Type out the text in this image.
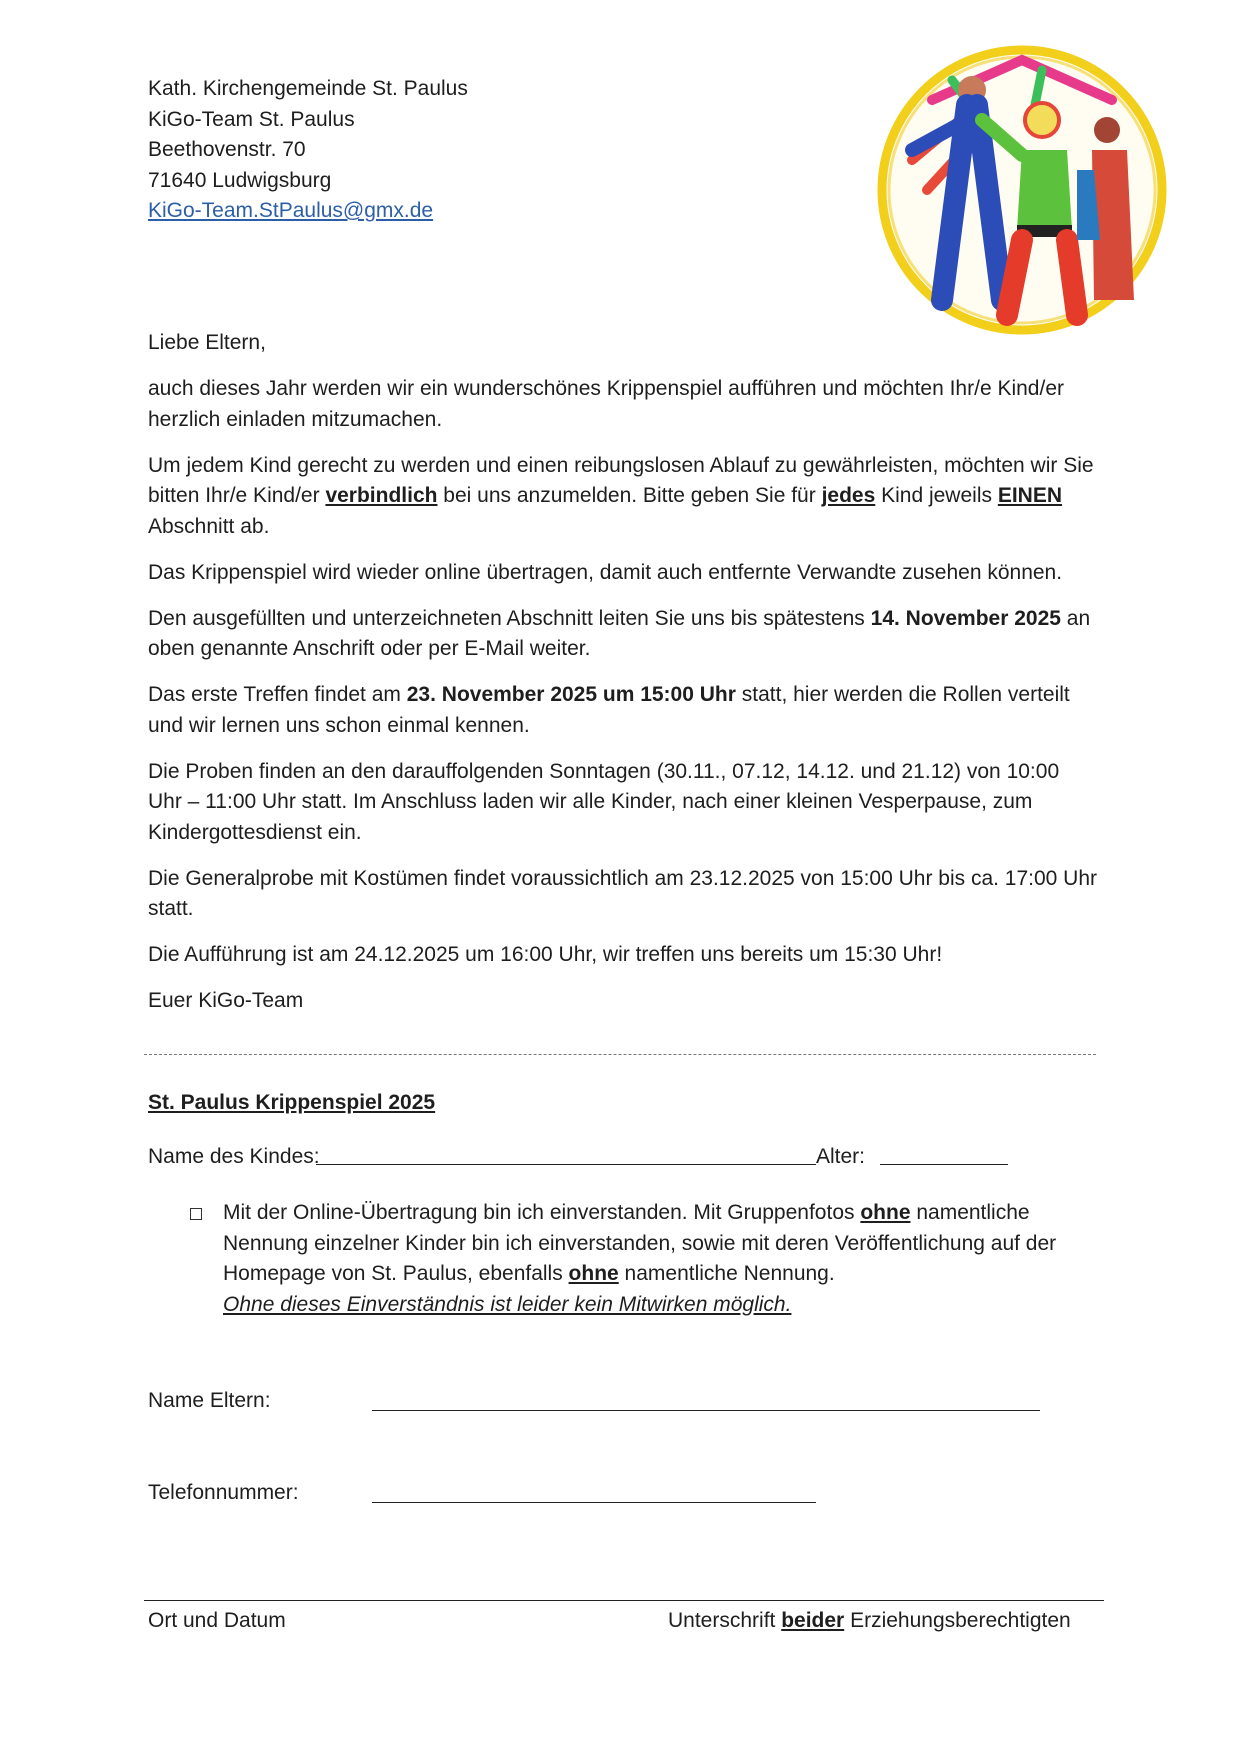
Kath. Kirchengemeinde St. Paulus
KiGo-Team St. Paulus
Beethovenstr. 70
71640 Ludwigsburg
KiGo-Team.StPaulus@gmx.de

Liebe Eltern,

auch dieses Jahr werden wir ein wunderschönes Krippenspiel aufführen und möchten Ihr/e Kind/er herzlich einladen mitzumachen.

Um jedem Kind gerecht zu werden und einen reibungslosen Ablauf zu gewährleisten, möchten wir Sie bitten Ihr/e Kind/er verbindlich bei uns anzumelden. Bitte geben Sie für jedes Kind jeweils EINEN Abschnitt ab.

Das Krippenspiel wird wieder online übertragen, damit auch entfernte Verwandte zusehen können.

Den ausgefüllten und unterzeichneten Abschnitt leiten Sie uns bis spätestens 14. November 2025 an oben genannte Anschrift oder per E-Mail weiter.

Das erste Treffen findet am 23. November 2025 um 15:00 Uhr statt, hier werden die Rollen verteilt und wir lernen uns schon einmal kennen.

Die Proben finden an den darauffolgenden Sonntagen (30.11., 07.12, 14.12. und 21.12) von 10:00 Uhr – 11:00 Uhr statt. Im Anschluss laden wir alle Kinder, nach einer kleinen Vesperpause, zum Kindergottesdienst ein.

Die Generalprobe mit Kostümen findet voraussichtlich am 23.12.2025 von 15:00 Uhr bis ca. 17:00 Uhr statt.

Die Aufführung ist am 24.12.2025 um 16:00 Uhr, wir treffen uns bereits um 15:30 Uhr!

Euer KiGo-Team

St. Paulus Krippenspiel 2025
Name des Kindes:	Alter:
Mit der Online-Übertragung bin ich einverstanden. Mit Gruppenfotos ohne namentliche Nennung einzelner Kinder bin ich einverstanden, sowie mit deren Veröffentlichung auf der Homepage von St. Paulus, ebenfalls ohne namentliche Nennung.
Ohne dieses Einverständnis ist leider kein Mitwirken möglich.
Name Eltern:
Telefonnummer:
Ort und Datum	Unterschrift beider Erziehungsberechtigten
